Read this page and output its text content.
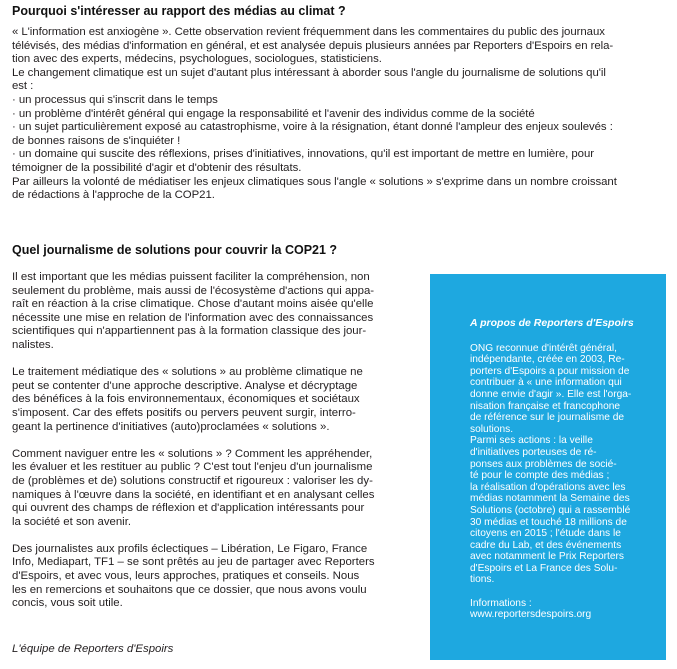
Pourquoi s'intéresser au rapport des médias au climat ?
« L'information est anxiogène ». Cette observation revient fréquemment dans les commentaires du public des journaux
télévisés, des médias d'information en général, et est analysée depuis plusieurs années par Reporters d'Espoirs en rela-
tion avec des experts, médecins, psychologues, sociologues, statisticiens.
Le changement climatique est un sujet d'autant plus intéressant à aborder sous l'angle du journalisme de solutions qu'il
est :
· un processus qui s'inscrit dans le temps
· un problème d'intérêt général qui engage la responsabilité et l'avenir des individus comme de la société
· un sujet particulièrement exposé au catastrophisme, voire à la résignation, étant donné l'ampleur des enjeux soulevés :
de bonnes raisons de s'inquiéter !
· un domaine qui suscite des réflexions, prises d'initiatives, innovations, qu'il est important de mettre en lumière, pour
témoigner de la possibilité d'agir et d'obtenir des résultats.
Par ailleurs la volonté de médiatiser les enjeux climatiques sous l'angle « solutions » s'exprime dans un nombre croissant
de rédactions à l'approche de la COP21.
Quel journalisme de solutions pour couvrir la COP21 ?

Il est important que les médias puissent faciliter la compréhension, non
seulement du problème, mais aussi de l'écosystème d'actions qui appa-
raît en réaction à la crise climatique. Chose d'autant moins aisée qu'elle
nécessite une mise en relation de l'information avec des connaissances
scientifiques qui n'appartiennent pas à la formation classique des jour-
nalistes.

Le traitement médiatique des « solutions » au problème climatique ne
peut se contenter d'une approche descriptive. Analyse et décryptage
des bénéfices à la fois environnementaux, économiques et sociétaux
s'imposent. Car des effets positifs ou pervers peuvent surgir, interro-
geant la pertinence d'initiatives (auto)proclamées « solutions ».

Comment naviguer entre les « solutions » ? Comment les appréhender,
les évaluer et les restituer au public ? C'est tout l'enjeu d'un journalisme
de (problèmes et de) solutions constructif et rigoureux : valoriser les dy-
namiques à l'œuvre dans la société, en identifiant et en analysant celles
qui ouvrent des champs de réflexion et d'application intéressants pour
la société et son avenir.

Des journalistes aux profils éclectiques – Libération, Le Figaro, France
Info, Mediapart, TF1 – se sont prêtés au jeu de partager avec Reporters
d'Espoirs, et avec vous, leurs approches, pratiques et conseils. Nous
les en remercions et souhaitons que ce dossier, que nous avons voulu
concis, vous soit utile.

L'équipe de Reporters d'Espoirs
A propos de Reporters d'Espoirs
ONG reconnue d'intérêt général,
indépendante, créée en 2003, Re-
porters d'Espoirs a pour mission de
contribuer à « une information qui
donne envie d'agir ». Elle est l'orga-
nisation française et francophone
de référence sur le journalisme de
solutions.
Parmi ses actions : la veille
d'initiatives porteuses de ré-
ponses aux problèmes de socié-
té pour le compte des médias ;
la réalisation d'opérations avec les
médias notamment la Semaine des
Solutions (octobre) qui a rassemblé
30 médias et touché 18 millions de
citoyens en 2015 ; l'étude dans le
cadre du Lab, et des événements
avec notamment le Prix Reporters
d'Espoirs et La France des Solu-
tions.
Informations :
www.reportersdespoirs.org
